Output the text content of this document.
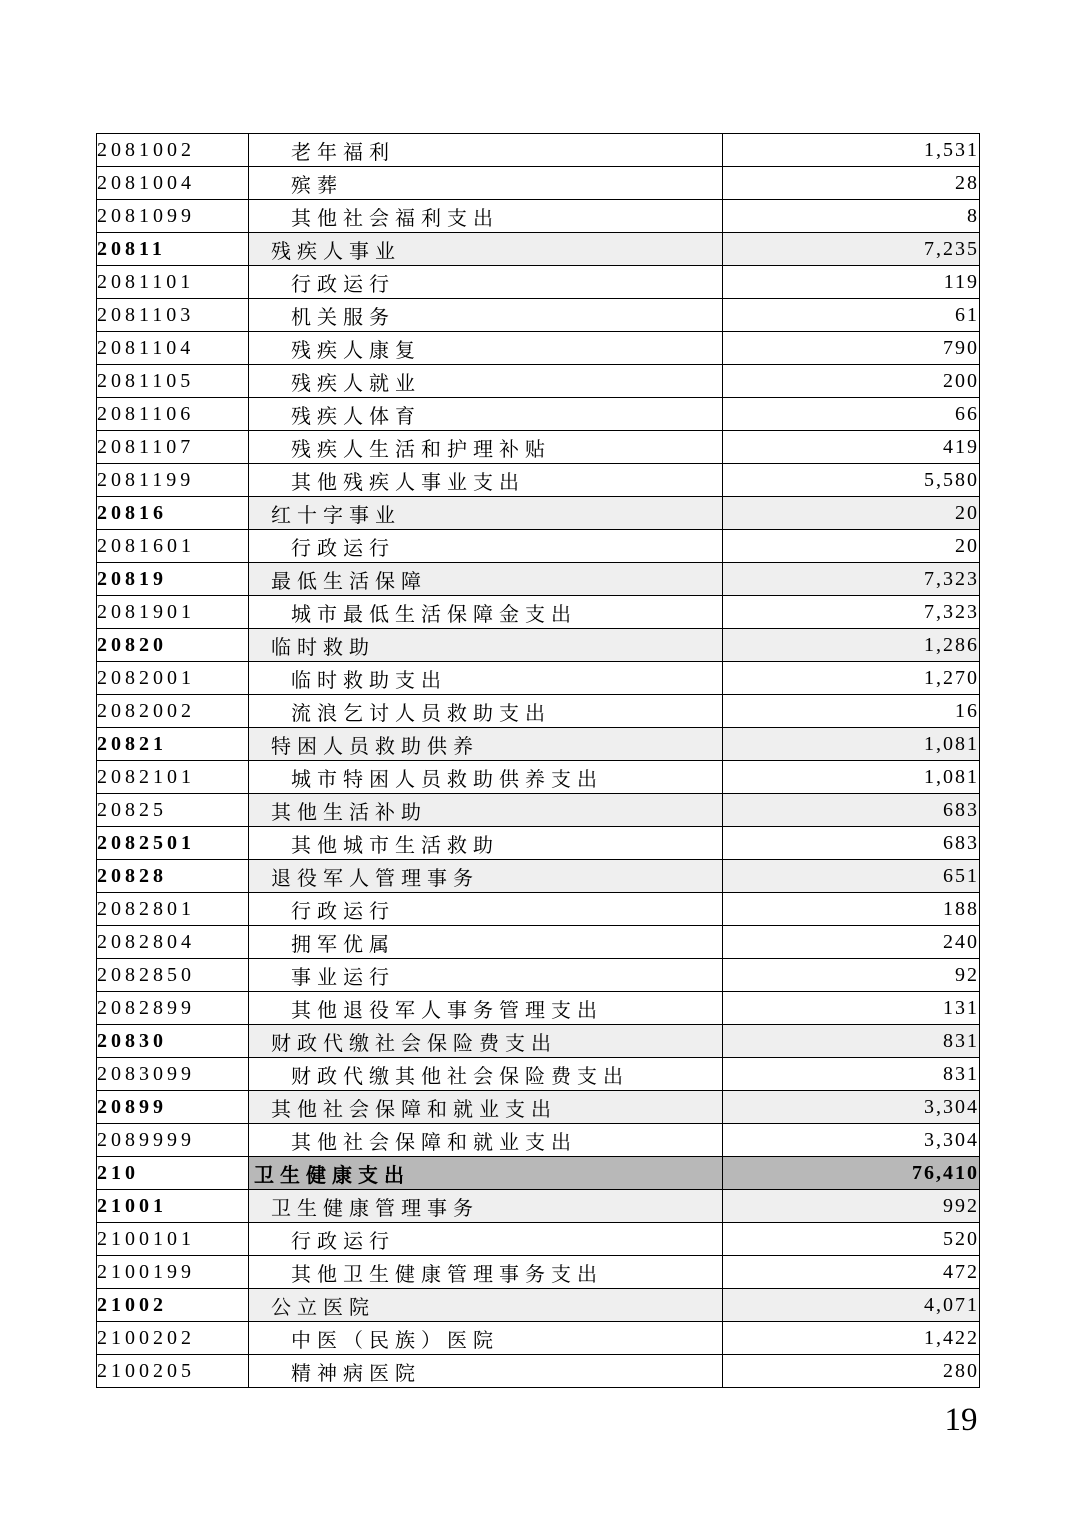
2081002	老年福利	1,531
2081004	殡葬	28
2081099	其他社会福利支出	8
20811	残疾人事业	7,235
2081101	行政运行	119
2081103	机关服务	61
2081104	残疾人康复	790
2081105	残疾人就业	200
2081106	残疾人体育	66
2081107	残疾人生活和护理补贴	419
2081199	其他残疾人事业支出	5,580
20816	红十字事业	20
2081601	行政运行	20
20819	最低生活保障	7,323
2081901	城市最低生活保障金支出	7,323
20820	临时救助	1,286
2082001	临时救助支出	1,270
2082002	流浪乞讨人员救助支出	16
20821	特困人员救助供养	1,081
2082101	城市特困人员救助供养支出	1,081
20825	其他生活补助	683
2082501	其他城市生活救助	683
20828	退役军人管理事务	651
2082801	行政运行	188
2082804	拥军优属	240
2082850	事业运行	92
2082899	其他退役军人事务管理支出	131
20830	财政代缴社会保险费支出	831
2083099	财政代缴其他社会保险费支出	831
20899	其他社会保障和就业支出	3,304
2089999	其他社会保障和就业支出	3,304
210	卫生健康支出	76,410
21001	卫生健康管理事务	992
2100101	行政运行	520
2100199	其他卫生健康管理事务支出	472
21002	公立医院	4,071
2100202	中医（民族）医院	1,422
2100205	精神病医院	280
19
